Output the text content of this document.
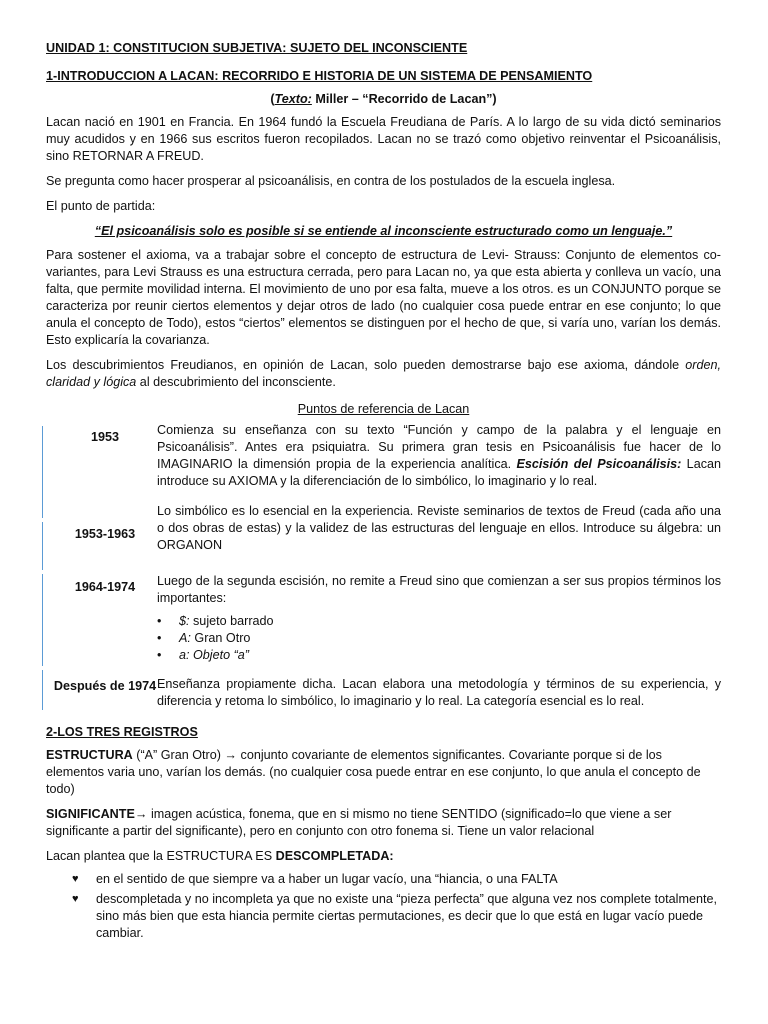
UNIDAD 1: CONSTITUCION SUBJETIVA: SUJETO DEL INCONSCIENTE

1-INTRODUCCION A LACAN: RECORRIDO E HISTORIA DE UN SISTEMA DE PENSAMIENTO

(Texto: Miller – “Recorrido de Lacan”)

Lacan nació en 1901 en Francia. En 1964 fundó la Escuela Freudiana de París. A lo largo de su vida dictó seminarios muy acudidos y en 1966 sus escritos fueron recopilados. Lacan no se trazó como objetivo reinventar el Psicoanálisis, sino RETORNAR A FREUD.

Se pregunta como hacer prosperar al psicoanálisis, en contra de los postulados de la escuela inglesa.

El punto de partida:

“El psicoanálisis solo es posible si se entiende al inconsciente estructurado como un lenguaje.”

Para sostener el axioma, va a trabajar sobre el concepto de estructura de Levi- Strauss: Conjunto de elementos co-variantes, para Levi Strauss es una estructura cerrada, pero para Lacan no, ya que esta abierta y conlleva un vacío, una falta, que permite movilidad interna. El movimiento de uno por esa falta, mueve a los otros. es un CONJUNTO porque se caracteriza por reunir ciertos elementos y dejar otros de lado (no cualquier cosa puede entrar en ese conjunto; lo que anula el concepto de Todo), estos “ciertos” elementos se distinguen por el hecho de que, si varía uno, varían los demás. Esto explicaría la covarianza.

Los descubrimientos Freudianos, en opinión de Lacan, solo pueden demostrarse bajo ese axioma, dándole orden, claridad y lógica al descubrimiento del inconsciente.

Puntos de referencia de Lacan

1953	Comienza su enseñanza con su texto “Función y campo de la palabra y el lenguaje en Psicoanálisis”. Antes era psiquiatra. Su primera gran tesis en Psicoanálisis fue hacer de lo IMAGINARIO la dimensión propia de la experiencia analítica. Escisión del Psicoanálisis: Lacan introduce su AXIOMA y la diferenciación de lo simbólico, lo imaginario y lo real.
1953-1963
Lo simbólico es lo esencial en la experiencia. Reviste seminarios de textos de Freud (cada año una o dos obras de estas) y la validez de las estructuras del lenguaje en ellos. Introduce su álgebra: un ORGANON
1964-1974	Luego de la segunda escisión, no remite a Freud sino que comienzan a ser sus propios términos los importantes:
• $: sujeto barrado
• A: Gran Otro
• a: Objeto “a”
Después de 1974 Enseñanza propiamente dicha. Lacan elabora una metodología y términos de su experiencia, y diferencia y retoma lo simbólico, lo imaginario y lo real. La categoría esencial es lo real.

2-LOS TRES REGISTROS

ESTRUCTURA (“A” Gran Otro) → conjunto covariante de elementos significantes. Covariante porque si de los elementos varia uno, varían los demás. (no cualquier cosa puede entrar en ese conjunto, lo que anula el concepto de todo)

SIGNIFICANTE→ imagen acústica, fonema, que en si mismo no tiene SENTIDO (significado=lo que viene a ser significante a partir del significante), pero en conjunto con otro fonema si. Tiene un valor relacional

Lacan plantea que la ESTRUCTURA ES DESCOMPLETADA:

♥ en el sentido de que siempre va a haber un lugar vacío, una “hiancia, o una FALTA
♥ descompletada y no incompleta ya que no existe una “pieza perfecta” que alguna vez nos complete totalmente, sino más bien que esta hiancia permite ciertas permutaciones, es decir que lo que está en lugar vacío puede cambiar.
